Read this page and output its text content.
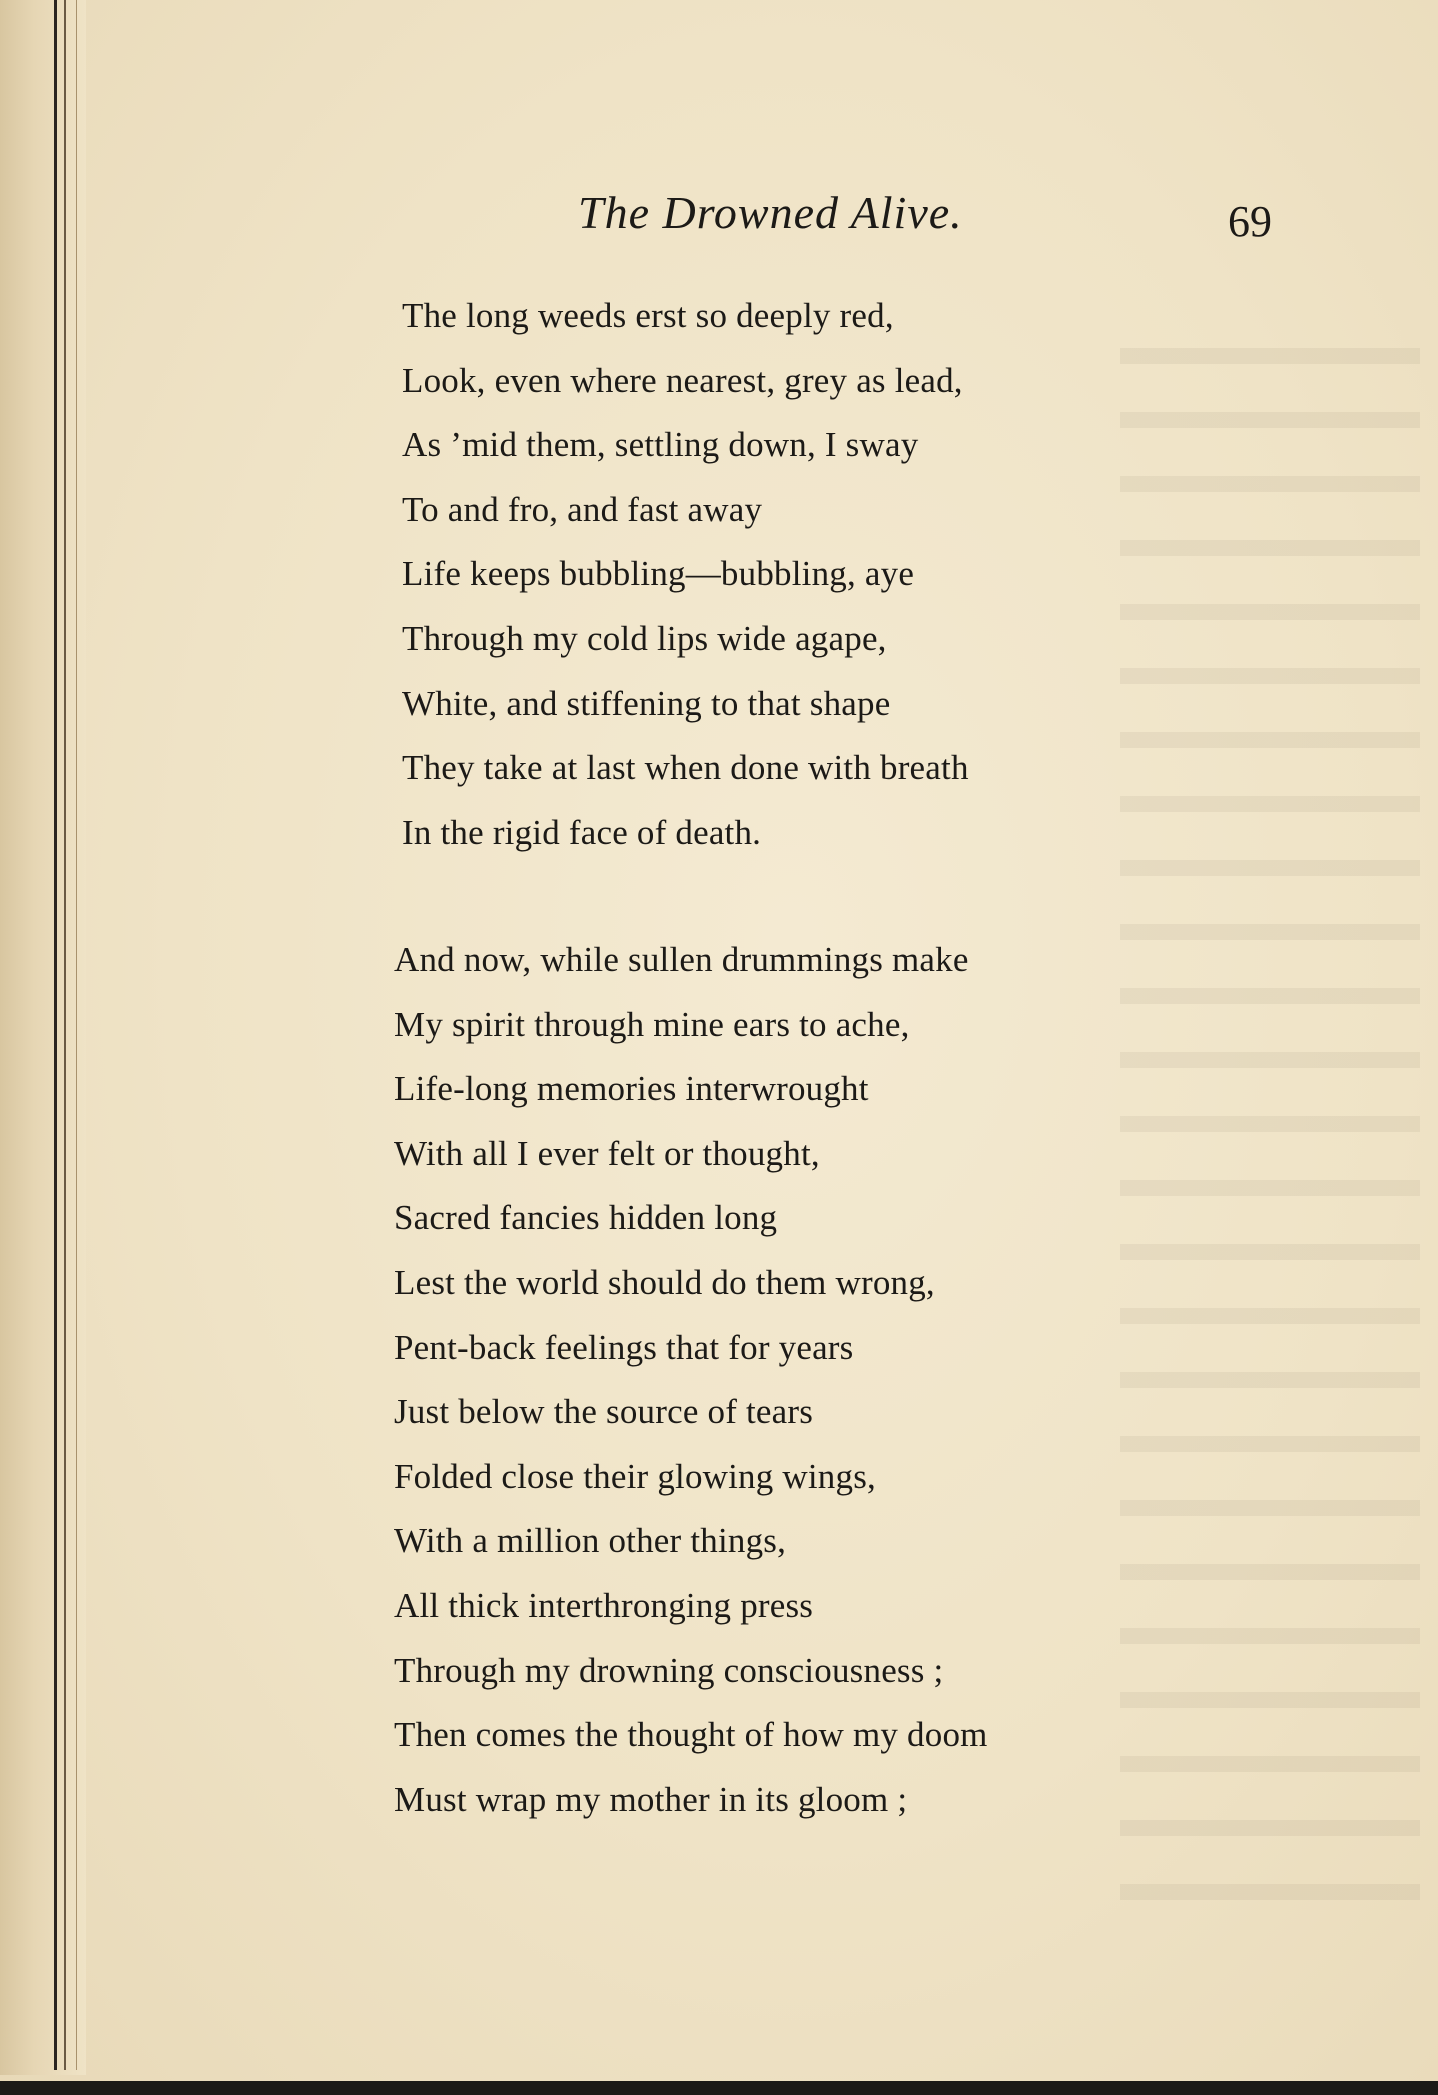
The Drowned Alive.	69
The long weeds erst so deeply red,
Look, even where nearest, grey as lead,
As ’mid them, settling down, I sway
To and fro, and fast away
Life keeps bubbling—bubbling, aye
Through my cold lips wide agape,
White, and stiffening to that shape
They take at last when done with breath
In the rigid face of death.
And now, while sullen drummings make
My spirit through mine ears to ache,
Life-long memories interwrought
With all I ever felt or thought,
Sacred fancies hidden long
Lest the world should do them wrong,
Pent-back feelings that for years
Just below the source of tears
Folded close their glowing wings,
With a million other things,
All thick interthronging press
Through my drowning consciousness ;
Then comes the thought of how my doom
Must wrap my mother in its gloom ;
